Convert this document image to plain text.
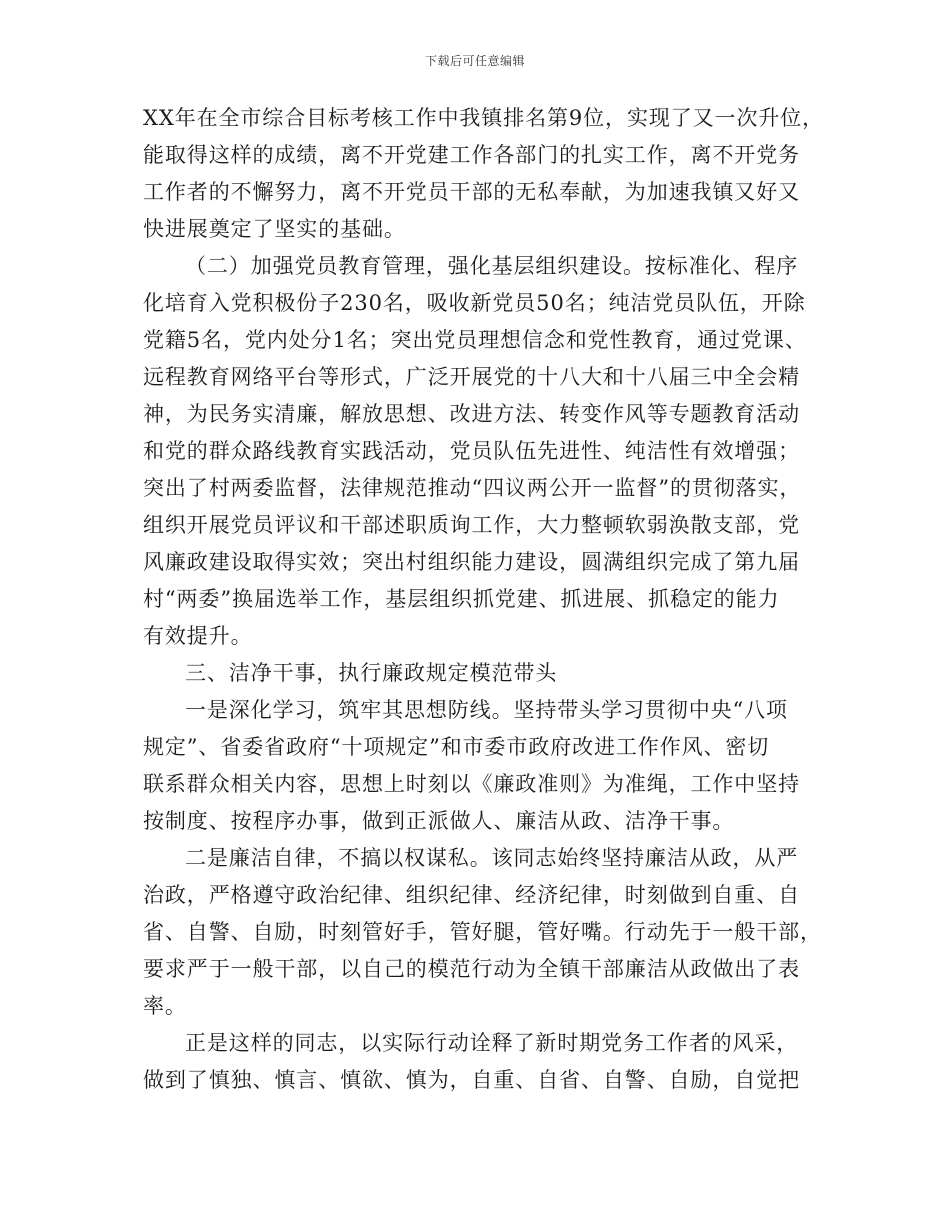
下载后可任意编辑
XX年在全市综合目标考核工作中我镇排名第9位，实现了又一次升位，
能取得这样的成绩，离不开党建工作各部门的扎实工作，离不开党务
工作者的不懈努力，离不开党员干部的无私奉献，为加速我镇又好又
快进展奠定了坚实的基础。
（二）加强党员教育管理，强化基层组织建设。按标准化、程序
化培育入党积极份子230名，吸收新党员50名；纯洁党员队伍，开除
党籍5名，党内处分1名；突出党员理想信念和党性教育，通过党课、
远程教育网络平台等形式，广泛开展党的十八大和十八届三中全会精
神，为民务实清廉，解放思想、改进方法、转变作风等专题教育活动
和党的群众路线教育实践活动，党员队伍先进性、纯洁性有效增强；
突出了村两委监督，法律规范推动“四议两公开一监督”的贯彻落实，
组织开展党员评议和干部述职质询工作，大力整顿软弱涣散支部，党
风廉政建设取得实效；突出村组织能力建设，圆满组织完成了第九届
村“两委”换届选举工作，基层组织抓党建、抓进展、抓稳定的能力
有效提升。
三、洁净干事，执行廉政规定模范带头
一是深化学习，筑牢其思想防线。坚持带头学习贯彻中央“八项
规定”、省委省政府“十项规定”和市委市政府改进工作作风、密切
联系群众相关内容，思想上时刻以《廉政准则》为准绳，工作中坚持
按制度、按程序办事，做到正派做人、廉洁从政、洁净干事。
二是廉洁自律，不搞以权谋私。该同志始终坚持廉洁从政，从严
治政，严格遵守政治纪律、组织纪律、经济纪律，时刻做到自重、自
省、自警、自励，时刻管好手，管好腿，管好嘴。行动先于一般干部，
要求严于一般干部，以自己的模范行动为全镇干部廉洁从政做出了表
率。
正是这样的同志，以实际行动诠释了新时期党务工作者的风采，
做到了慎独、慎言、慎欲、慎为，自重、自省、自警、自励，自觉把
